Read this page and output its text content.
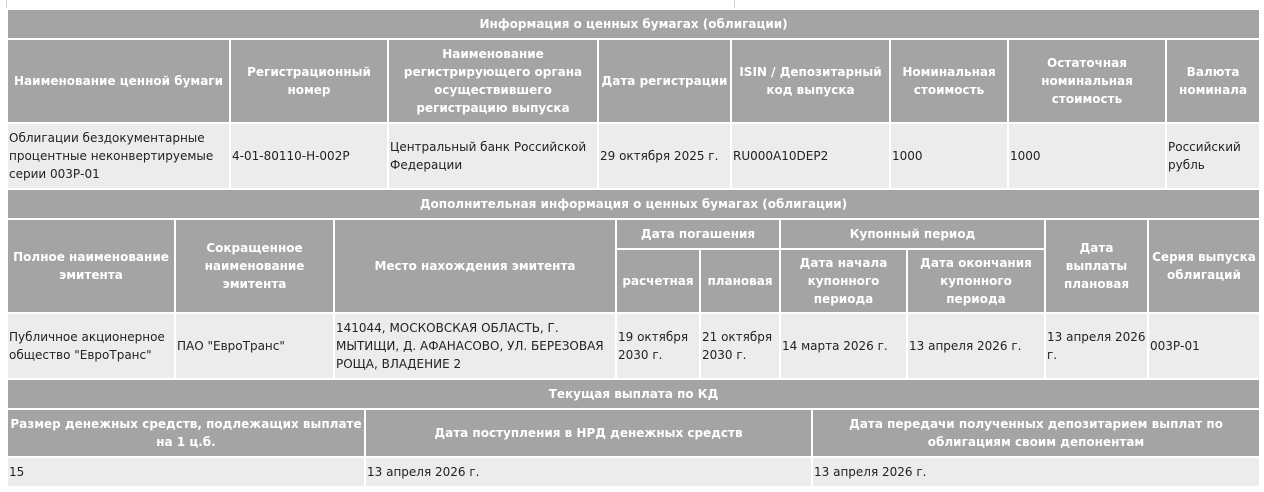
Информация о ценных бумагах (облигации)							
Наименование ценной бумаги	Регистрационный номер	Наименование регистрирующего органа осуществившего регистрацию выпуска	Дата регистрации	ISIN / Депозитарный код выпуска	Номинальная стоимость	Остаточная номинальная стоимость	Валюта номинала
Облигации бездокументарные процентные неконвертируемые серии 003Р-01	4-01-80110-H-002P	Центральный банк Российской Федерации	29 октября 2025 г.	RU000A10DEP2	1000	1000	Российский рубль
Дополнительная информация о ценных бумагах (облигации)								
Полное наименование эмитента	Сокращенное наименование эмитента	Место нахождения эмитента	Дата погашения		Купонный период		Дата выплаты плановая	Серия выпуска облигаций
			расчетная	плановая	Дата начала купонного периода	Дата окончания купонного периода		
Публичное акционерное общество "ЕвроТранс"	ПАО "ЕвроТранс"	141044, МОСКОВСКАЯ ОБЛАСТЬ, Г. МЫТИЩИ, Д. АФАНАСОВО, УЛ. БЕРЕЗОВАЯ РОЩА, ВЛАДЕНИЕ 2	19 октября 2030 г.	21 октября 2030 г.	14 марта 2026 г.	13 апреля 2026 г.	13 апреля 2026 г.	003Р-01
Текущая выплата по КД		
Размер денежных средств, подлежащих выплате на 1 ц.б.	Дата поступления в НРД денежных средств	Дата передачи полученных депозитарием выплат по облигациям своим депонентам
15	13 апреля 2026 г.	13 апреля 2026 г.
